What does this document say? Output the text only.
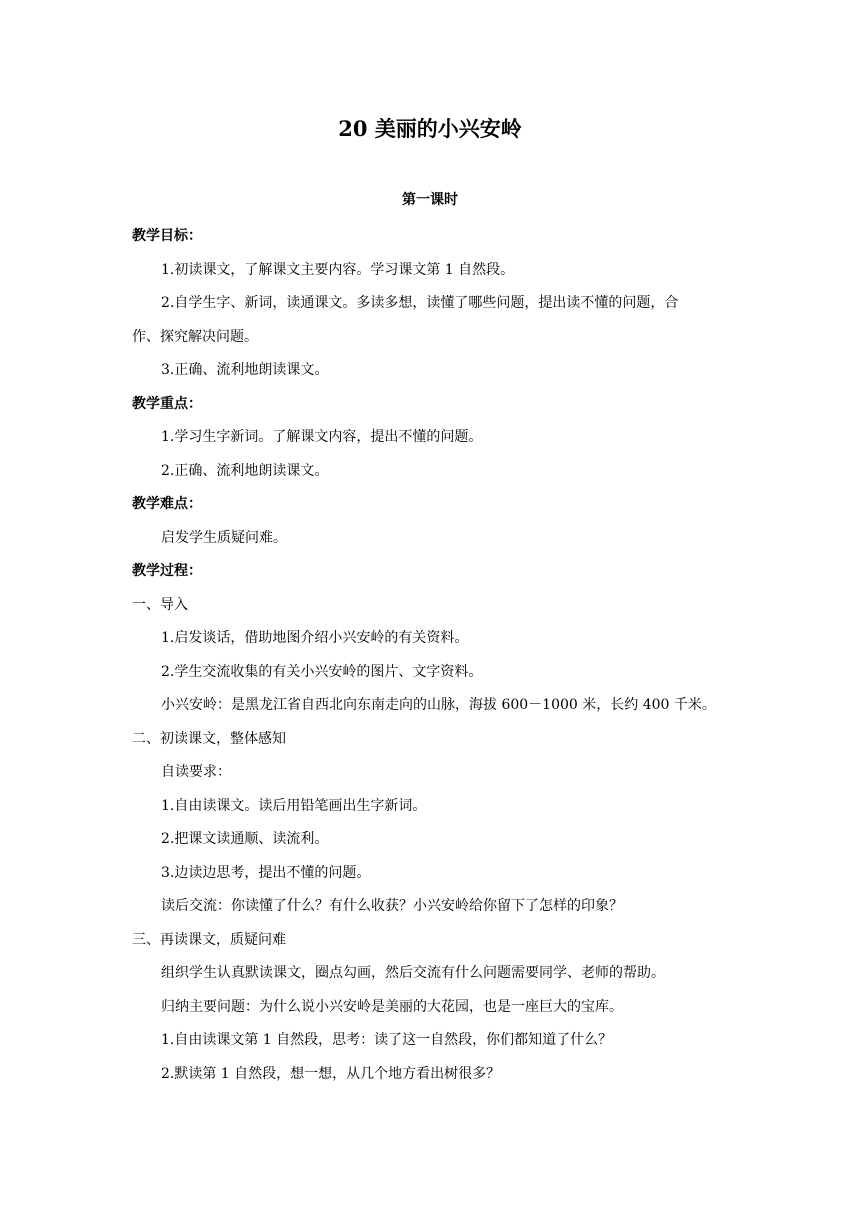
20 美丽的小兴安岭
第一课时
教学目标：
1.初读课文，了解课文主要内容。学习课文第 1 自然段。
2.自学生字、新词，读通课文。多读多想，读懂了哪些问题，提出读不懂的问题，合
作、探究解决问题。
3.正确、流利地朗读课文。
教学重点：
1.学习生字新词。了解课文内容，提出不懂的问题。
2.正确、流利地朗读课文。
教学难点：
启发学生质疑问难。
教学过程：
一、导入
1.启发谈话，借助地图介绍小兴安岭的有关资料。
2.学生交流收集的有关小兴安岭的图片、文字资料。
小兴安岭：是黑龙江省自西北向东南走向的山脉，海拔 600－1000 米，长约 400 千米。
二、初读课文，整体感知
自读要求：
1.自由读课文。读后用铅笔画出生字新词。
2.把课文读通顺、读流利。
3.边读边思考，提出不懂的问题。
读后交流：你读懂了什么？有什么收获？小兴安岭给你留下了怎样的印象？
三、再读课文，质疑问难
组织学生认真默读课文，圈点勾画，然后交流有什么问题需要同学、老师的帮助。
归纳主要问题：为什么说小兴安岭是美丽的大花园，也是一座巨大的宝库。
1.自由读课文第 1 自然段，思考：读了这一自然段，你们都知道了什么？
2.默读第 1 自然段，想一想，从几个地方看出树很多？
